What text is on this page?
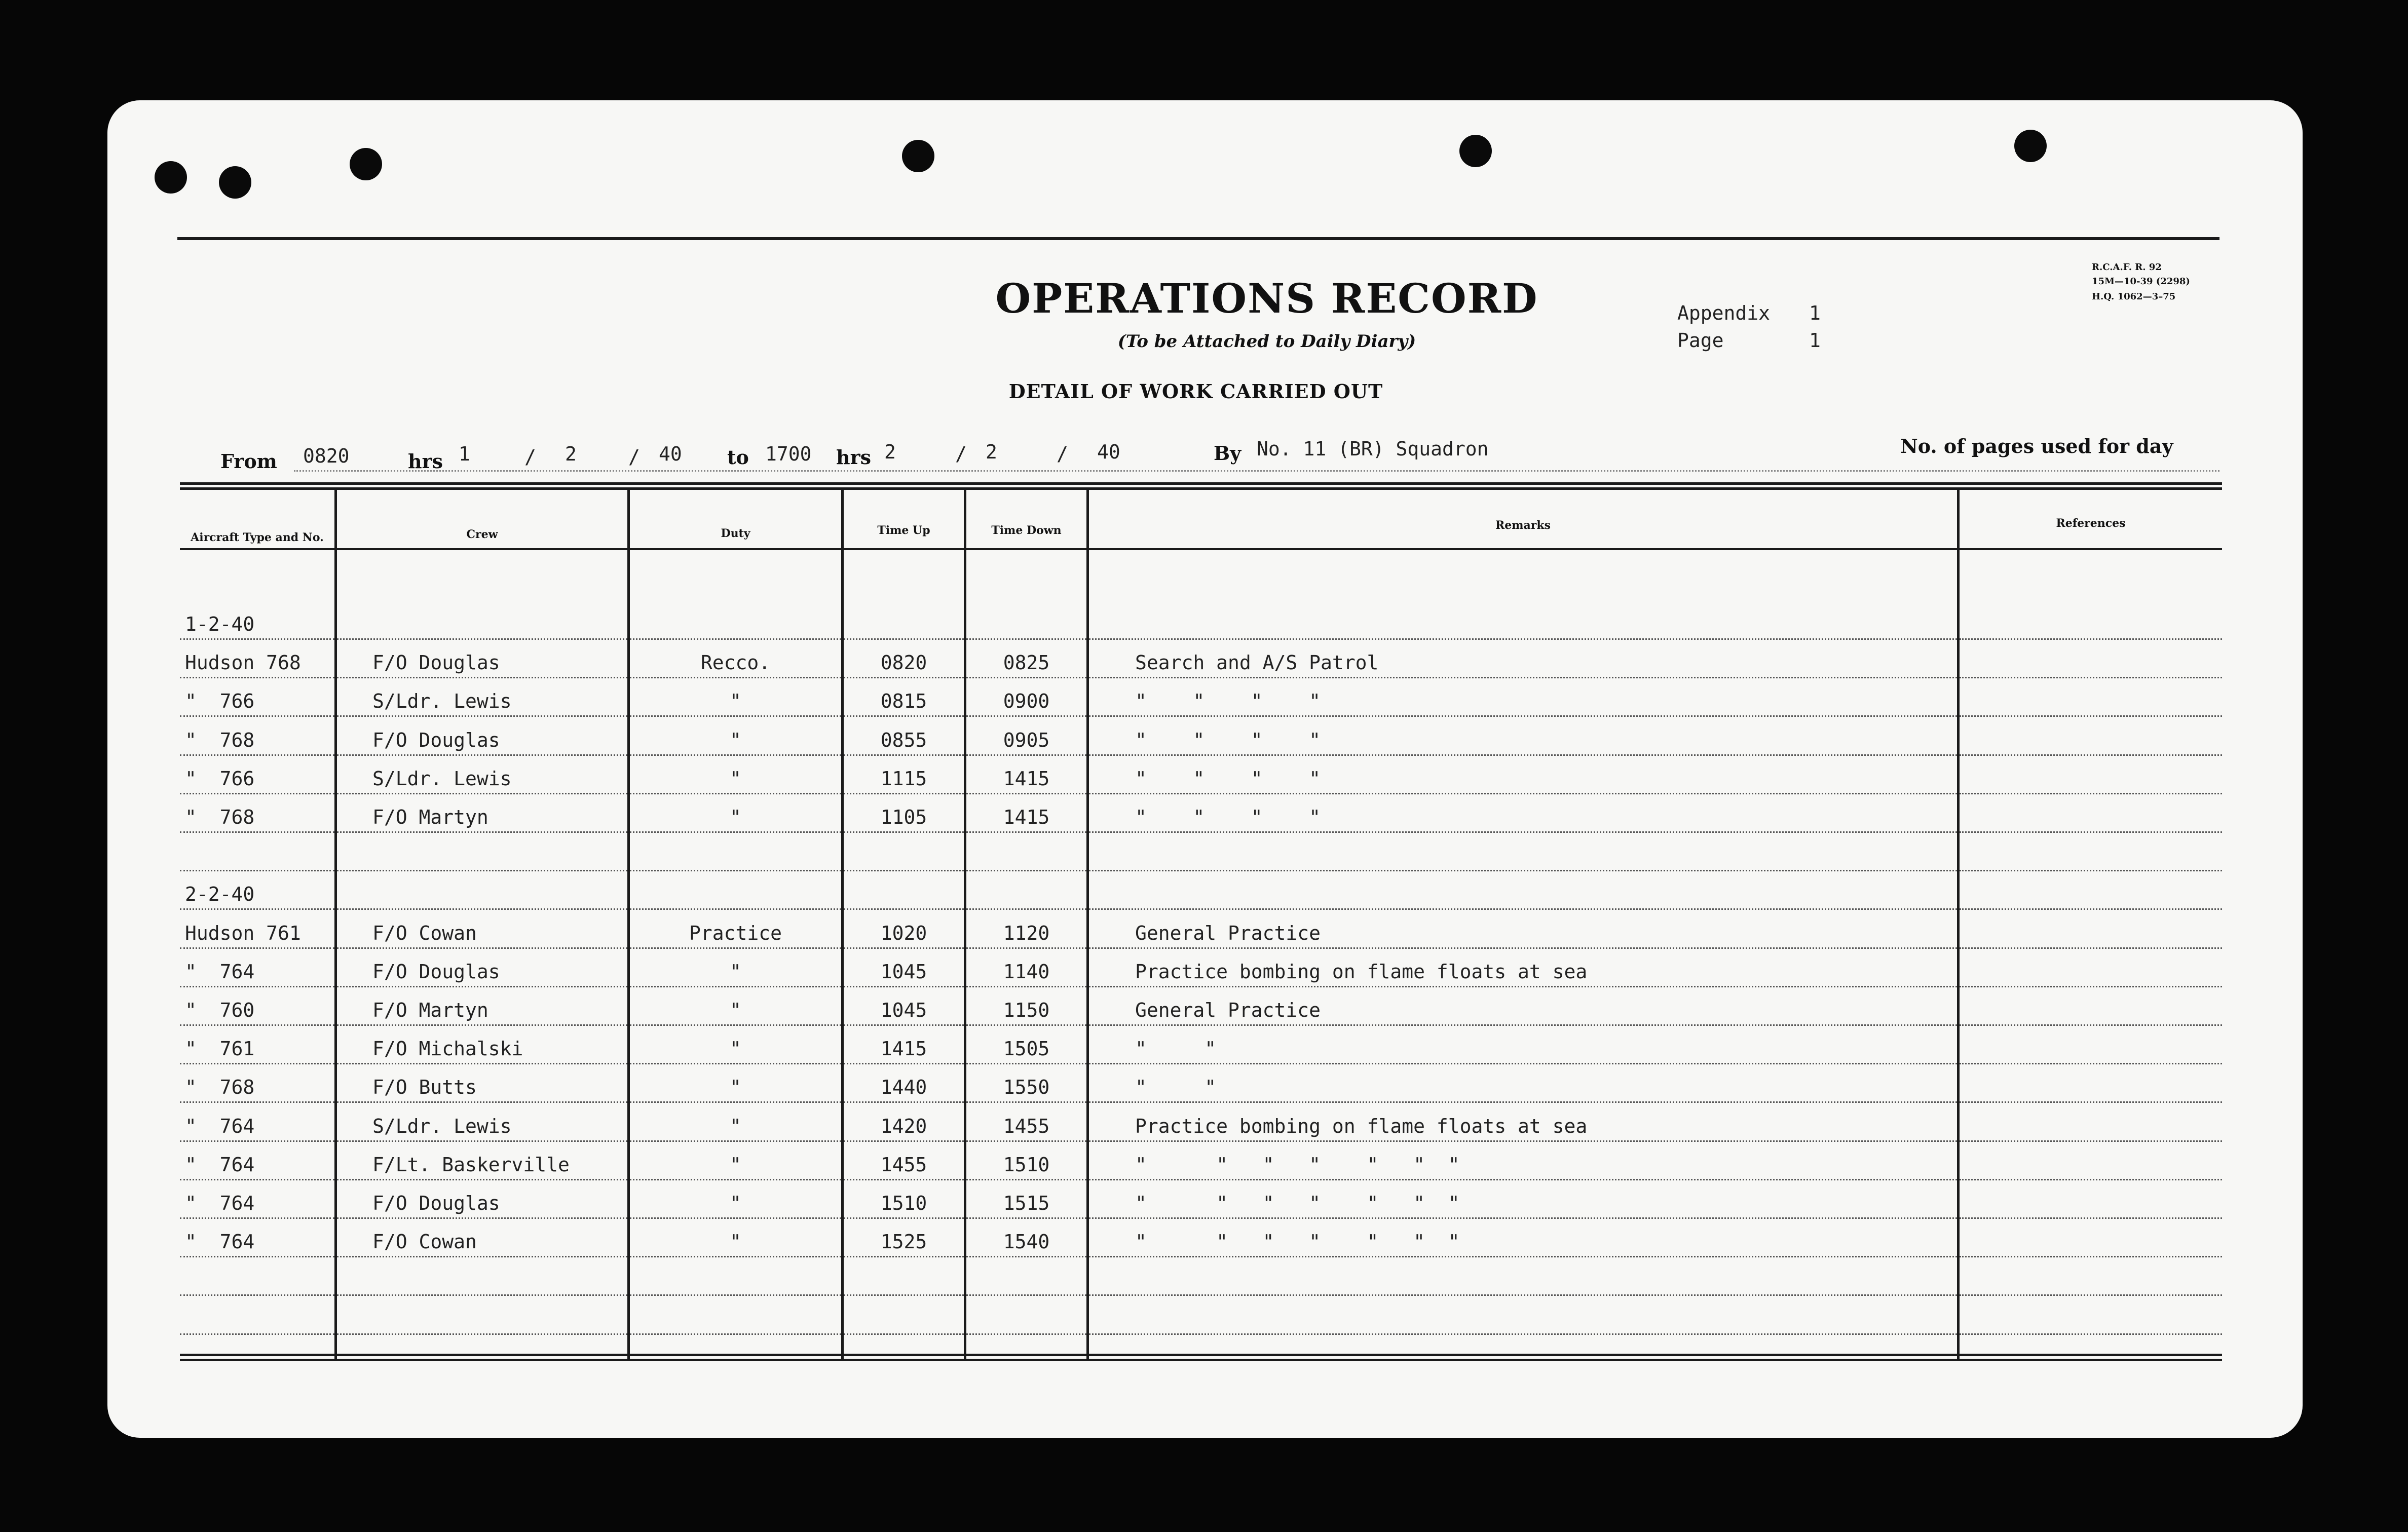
OPERATIONS RECORD
(To be Attached to Daily Diary)
DETAIL OF WORK CARRIED OUT
Appendix 1
Page	1
R.C.A.F. R. 92
15M—10-39 (2298)
H.Q. 1062—3–75
From 0820	hrs 1	/ 2	/ 40 to 1700 hrs 2	/ 2	/ 40	By No. 11 (BR) Squadron	No. of pages used for day
Aircraft Type and No.	Crew	Duty	Time Up	Time Down	Remarks	References
1-2-40
Hudson 768	F/O Douglas	Recco.	0820	0825	Search and A/S Patrol
"  766	S/Ldr. Lewis	"	0815	0900	"    "    "    "
"  768	F/O Douglas	"	0855	0905	"    "    "    "
"  766	S/Ldr. Lewis	"	1115	1415	"    "    "    "
"  768	F/O Martyn	"	1105	1415	"    "    "    "
2-2-40
Hudson 761	F/O Cowan	Practice	1020	1120	General Practice
"  764	F/O Douglas	"	1045	1140	Practice bombing on flame floats at sea
"  760	F/O Martyn	"	1045	1150	General Practice
"  761	F/O Michalski	"	1415	1505	"     "
"  768	F/O Butts	"	1440	1550	"     "
"  764	S/Ldr. Lewis	"	1420	1455	Practice bombing on flame floats at sea
"  764	F/Lt. Baskerville	"	1455	1510	"      "   "   "    "   "  "
"  764	F/O Douglas	"	1510	1515	"      "   "   "    "   "  "
"  764	F/O Cowan	"	1525	1540	"      "   "   "    "   "  "
